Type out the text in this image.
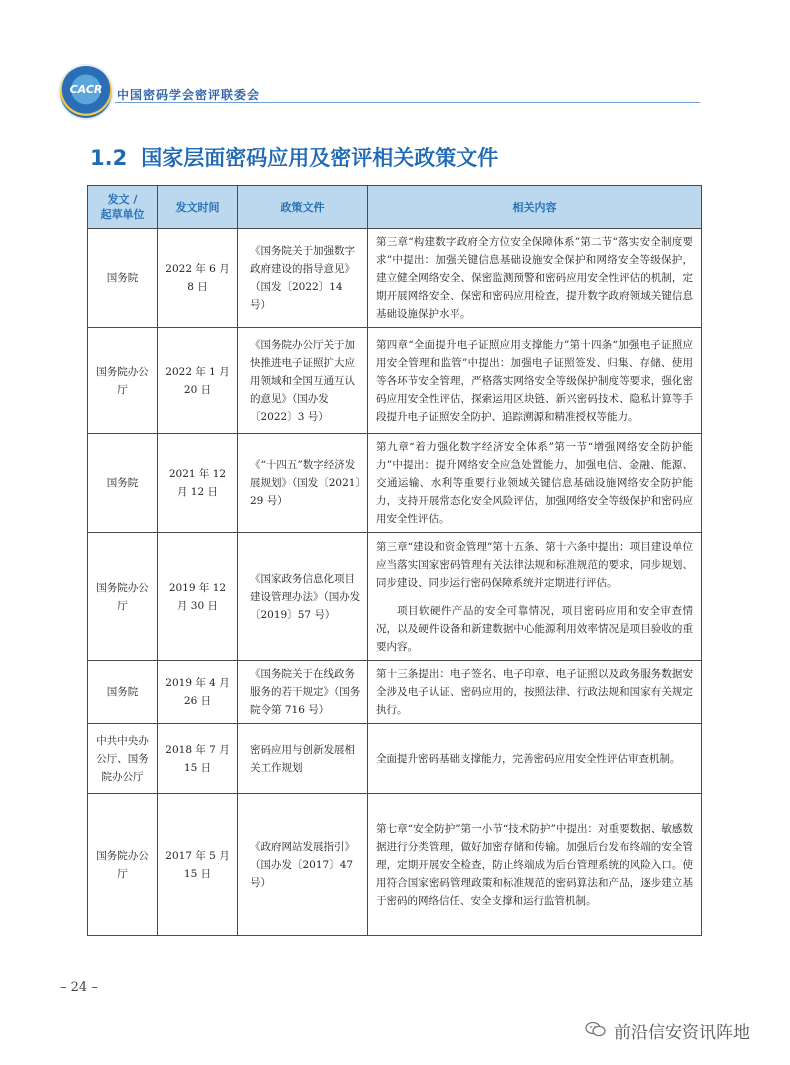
CACR	中国密码学会密评联委会
1.2 国家层面密码应用及密评相关政策文件
发文 /
起草单位	发文时间	政策文件	相关内容
国务院	2022 年 6 月 8 日	《国务院关于加强数字政府建设的指导意见》（国发〔2022〕14 号）	第三章“构建数字政府全方位安全保障体系”第二节“落实安全制度要求”中提出：加强关键信息基础设施安全保护和网络安全等级保护，建立健全网络安全、保密监测预警和密码应用安全性评估的机制，定期开展网络安全、保密和密码应用检查，提升数字政府领域关键信息基础设施保护水平。

国务院办公厅	2022 年 1 月 20 日	《国务院办公厅关于加快推进电子证照扩大应用领域和全国互通互认的意见》（国办发〔2022〕3 号）	第四章“全面提升电子证照应用支撑能力”第十四条“加强电子证照应用安全管理和监管”中提出：加强电子证照签发、归集、存储、使用等各环节安全管理，严格落实网络安全等级保护制度等要求，强化密码应用安全性评估，探索运用区块链、新兴密码技术、隐私计算等手段提升电子证照安全防护、追踪溯源和精准授权等能力。

国务院	2021 年 12 月 12 日	《“十四五”数字经济发展规划》（国发〔2021〕29 号）	第九章“着力强化数字经济安全体系”第一节“增强网络安全防护能力”中提出：提升网络安全应急处置能力，加强电信、金融、能源、交通运输、水利等重要行业领域关键信息基础设施网络安全防护能力，支持开展常态化安全风险评估，加强网络安全等级保护和密码应用安全性评估。

国务院办公厅	2019 年 12 月 30 日	《国家政务信息化项目建设管理办法》（国办发〔2019〕57 号）	第三章“建设和资金管理”第十五条、第十六条中提出：项目建设单位应当落实国家密码管理有关法律法规和标准规范的要求，同步规划、同步建设、同步运行密码保障系统并定期进行评估。

项目软硬件产品的安全可靠情况，项目密码应用和安全审查情况，以及硬件设备和新建数据中心能源利用效率情况是项目验收的重要内容。

国务院	2019 年 4 月 26 日	《国务院关于在线政务服务的若干规定》（国务院令第 716 号）	第十三条提出：电子签名、电子印章、电子证照以及政务服务数据安全涉及电子认证、密码应用的，按照法律、行政法规和国家有关规定执行。

中共中央办公厅、国务院办公厅	2018 年 7 月 15 日	密码应用与创新发展相关工作规划	全面提升密码基础支撑能力，完善密码应用安全性评估审查机制。

国务院办公厅	2017 年 5 月 15 日	《政府网站发展指引》（国办发〔2017〕47 号）	第七章“安全防护”第一小节“技术防护”中提出：对重要数据、敏感数据进行分类管理，做好加密存储和传输。加强后台发布终端的安全管理，定期开展安全检查，防止终端成为后台管理系统的风险入口。使用符合国家密码管理政策和标准规范的密码算法和产品，逐步建立基于密码的网络信任、安全支撑和运行监管机制。

– 24 –
前沿信安资讯阵地
